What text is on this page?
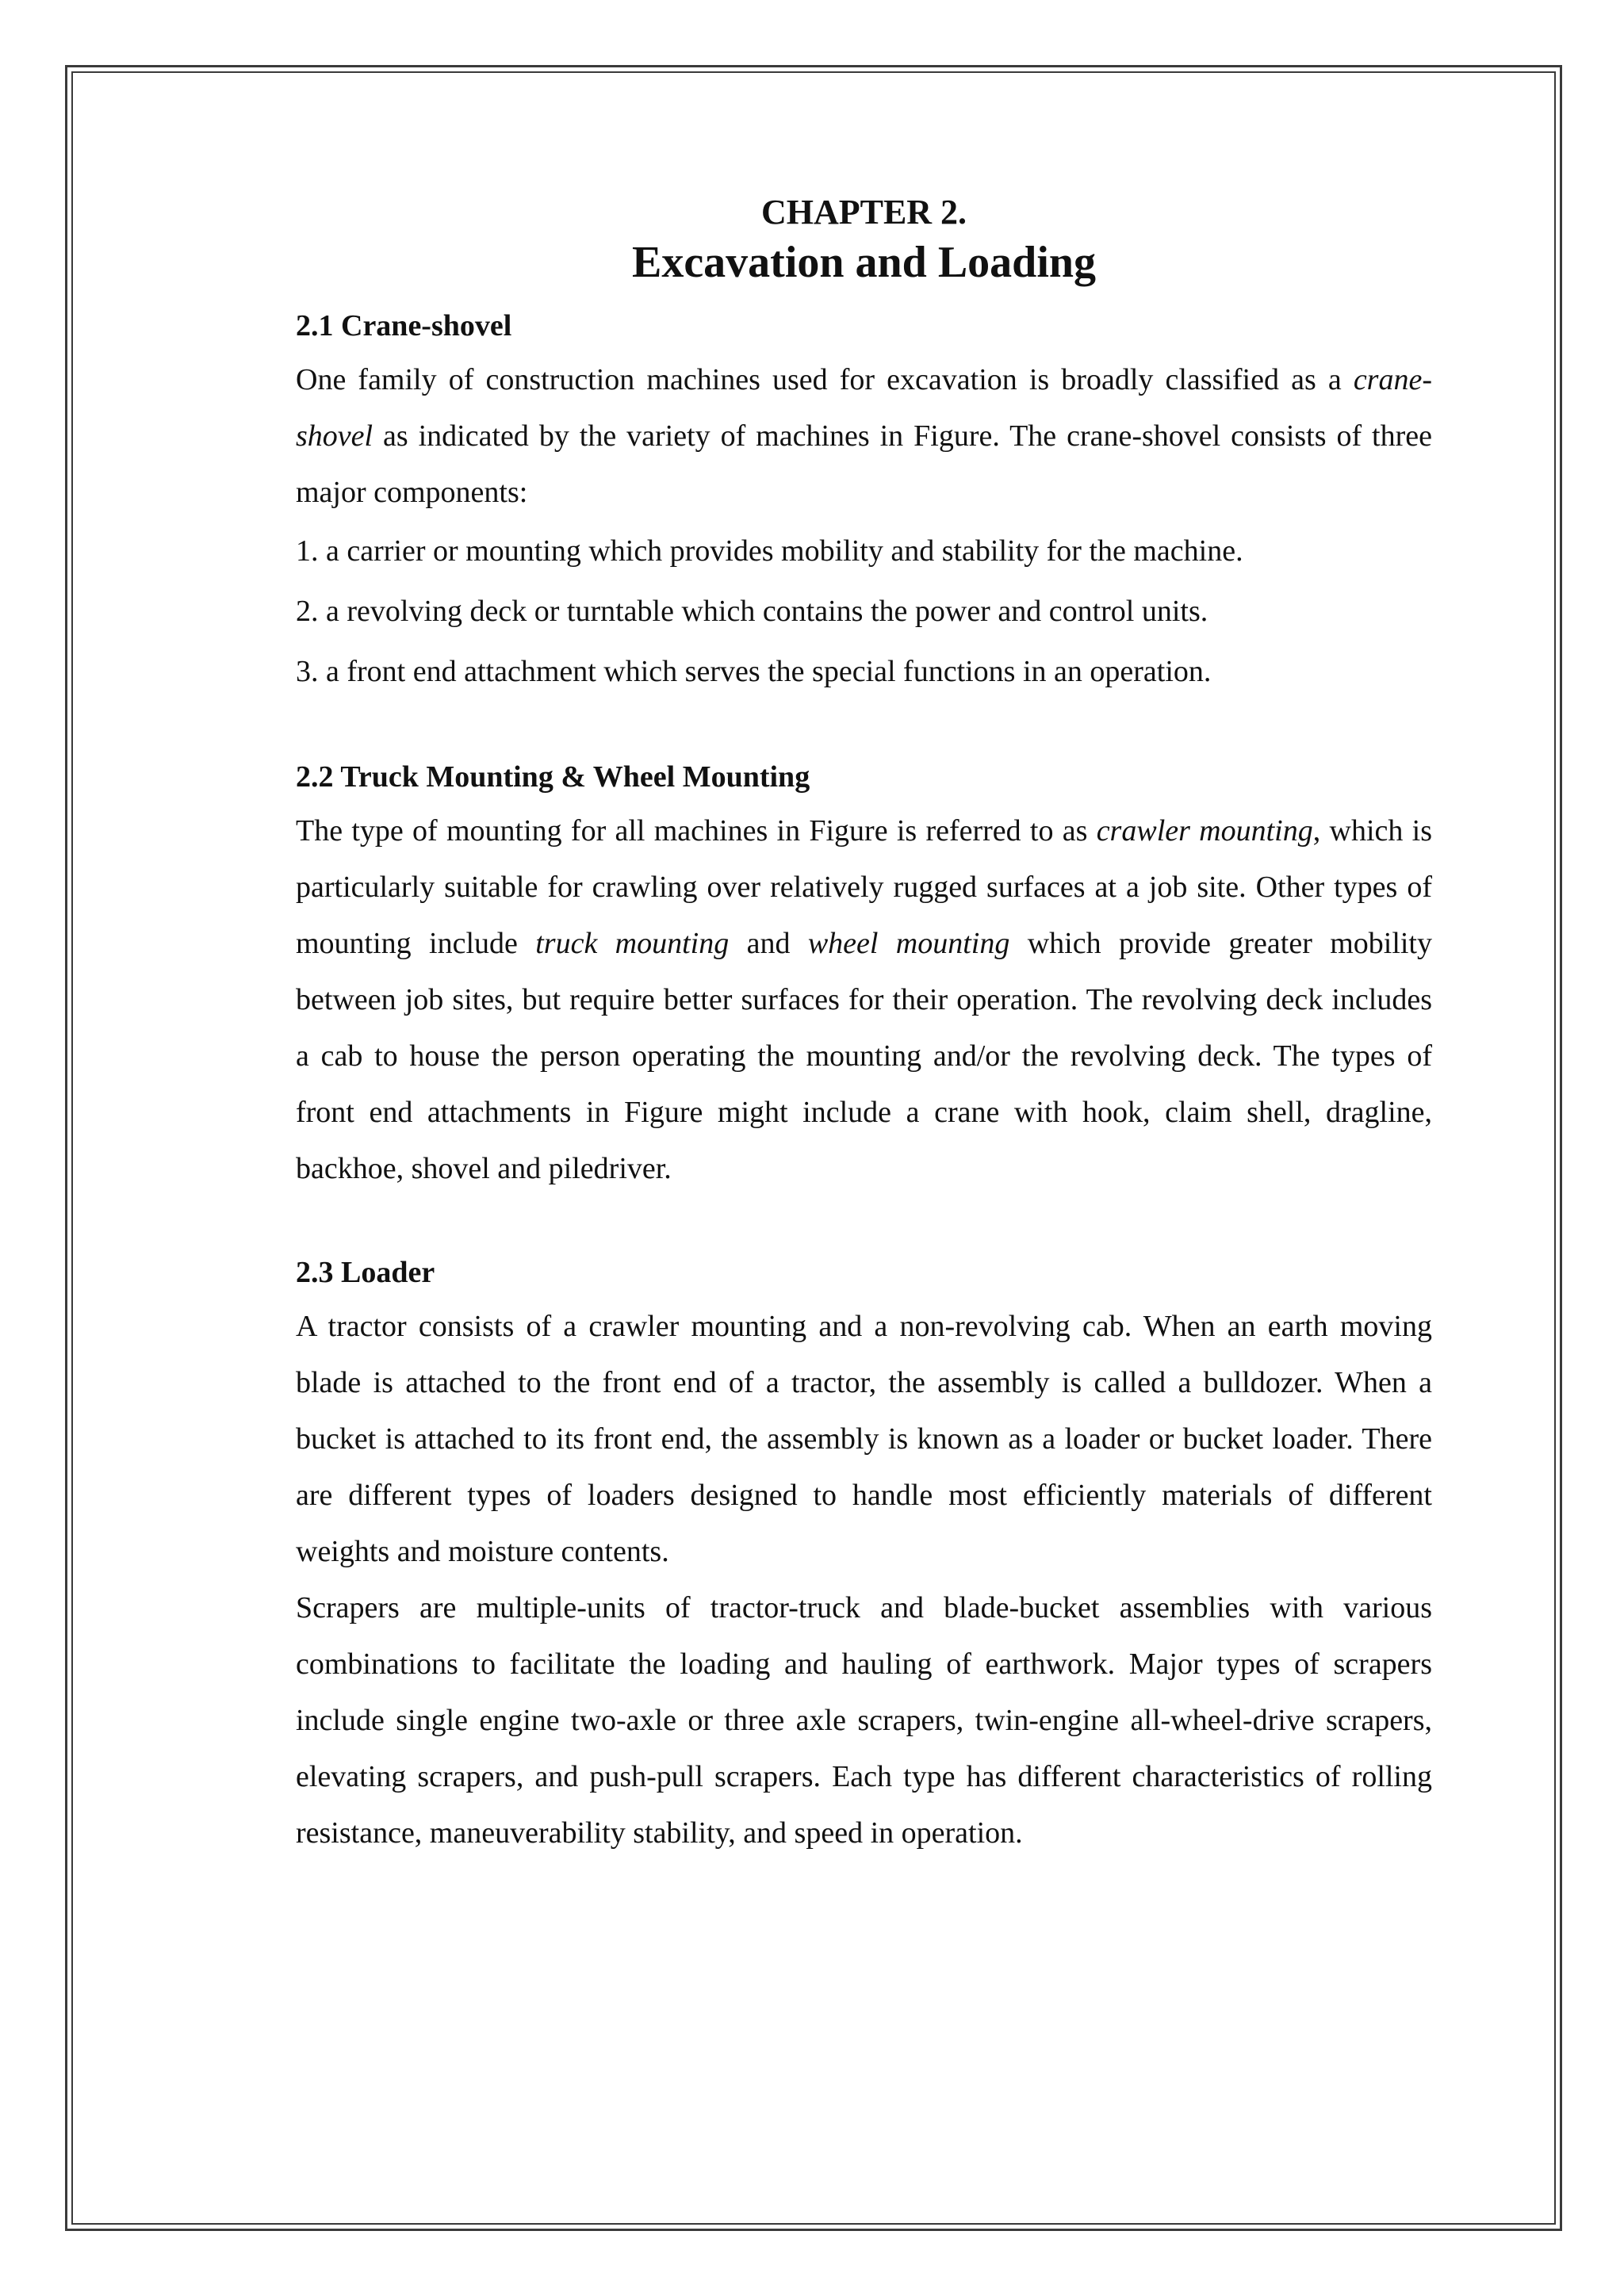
CHAPTER 2.
Excavation and Loading
2.1 Crane-shovel

One family of construction machines used for excavation is broadly classified as a crane-shovel as indicated by the variety of machines in Figure. The crane-shovel consists of three major components:

1. a carrier or mounting which provides mobility and stability for the machine.

2. a revolving deck or turntable which contains the power and control units.

3. a front end attachment which serves the special functions in an operation.

2.2 Truck Mounting & Wheel Mounting

The type of mounting for all machines in Figure is referred to as crawler mounting, which is particularly suitable for crawling over relatively rugged surfaces at a job site. Other types of mounting include truck mounting and wheel mounting which provide greater mobility between job sites, but require better surfaces for their operation. The revolving deck includes a cab to house the person operating the mounting and/or the revolving deck. The types of front end attachments in Figure might include a crane with hook, claim shell, dragline, backhoe, shovel and piledriver.

2.3 Loader

A tractor consists of a crawler mounting and a non-revolving cab. When an earth moving blade is attached to the front end of a tractor, the assembly is called a bulldozer. When a bucket is attached to its front end, the assembly is known as a loader or bucket loader. There are different types of loaders designed to handle most efficiently materials of different weights and moisture contents.

Scrapers are multiple-units of tractor-truck and blade-bucket assemblies with various combinations to facilitate the loading and hauling of earthwork. Major types of scrapers include single engine two-axle or three axle scrapers, twin-engine all-wheel-drive scrapers, elevating scrapers, and push-pull scrapers. Each type has different characteristics of rolling resistance, maneuverability stability, and speed in operation.
